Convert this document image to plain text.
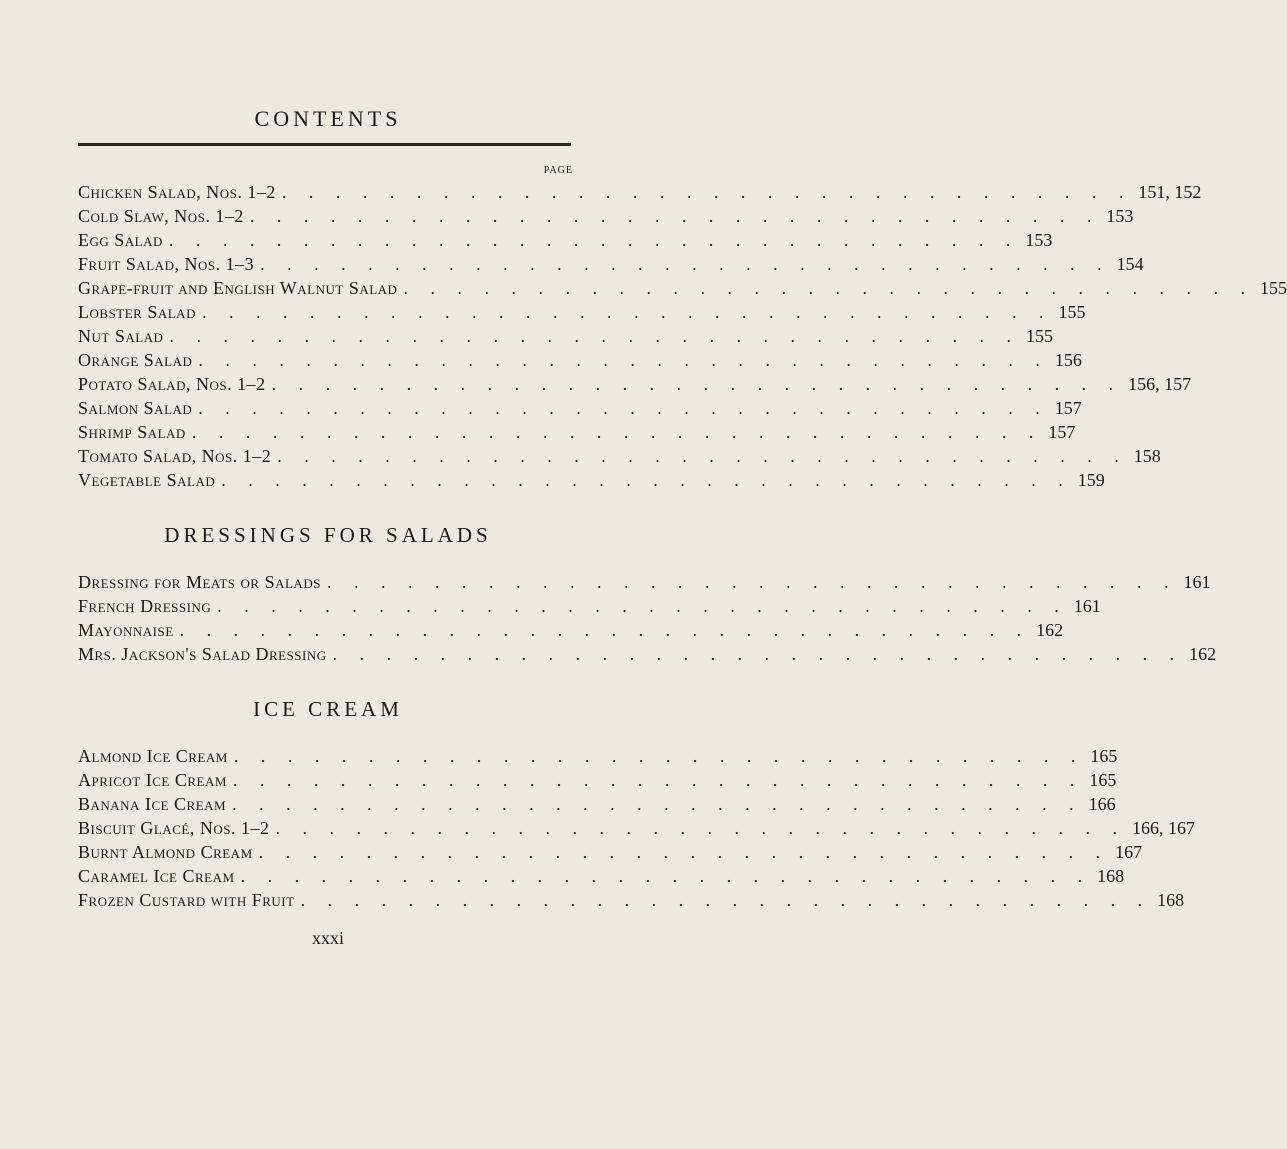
CONTENTS
PAGE
Chicken Salad, Nos. 1–2 . . . . . . . . . . . . . . . . . . . . . . . . . . . . . . . . 151, 152
Cold Slaw, Nos. 1–2 . . . . . . . . . . . . . . . . . . . . . . . . . . . . . . . . 153
Egg Salad . . . . . . . . . . . . . . . . . . . . . . . . . . . . . . . . 153
Fruit Salad, Nos. 1–3 . . . . . . . . . . . . . . . . . . . . . . . . . . . . . . . . 154
Grape-fruit and English Walnut Salad . . . . . . . . . . . . . . . . . . . . . . . . . . . . . . . . 155
Lobster Salad . . . . . . . . . . . . . . . . . . . . . . . . . . . . . . . . 155
Nut Salad . . . . . . . . . . . . . . . . . . . . . . . . . . . . . . . . 155
Orange Salad . . . . . . . . . . . . . . . . . . . . . . . . . . . . . . . . 156
Potato Salad, Nos. 1–2 . . . . . . . . . . . . . . . . . . . . . . . . . . . . . . . . 156, 157
Salmon Salad . . . . . . . . . . . . . . . . . . . . . . . . . . . . . . . . 157
Shrimp Salad . . . . . . . . . . . . . . . . . . . . . . . . . . . . . . . . 157
Tomato Salad, Nos. 1–2 . . . . . . . . . . . . . . . . . . . . . . . . . . . . . . . . 158
Vegetable Salad . . . . . . . . . . . . . . . . . . . . . . . . . . . . . . . . 159
DRESSINGS FOR SALADS
Dressing for Meats or Salads . . . . . . . . . . . . . . . . . . . . . . . . . . . . . . . . 161
French Dressing . . . . . . . . . . . . . . . . . . . . . . . . . . . . . . . . 161
Mayonnaise . . . . . . . . . . . . . . . . . . . . . . . . . . . . . . . . 162
Mrs. Jackson's Salad Dressing . . . . . . . . . . . . . . . . . . . . . . . . . . . . . . . . 162
ICE CREAM
Almond Ice Cream . . . . . . . . . . . . . . . . . . . . . . . . . . . . . . . . 165
Apricot Ice Cream . . . . . . . . . . . . . . . . . . . . . . . . . . . . . . . . 165
Banana Ice Cream . . . . . . . . . . . . . . . . . . . . . . . . . . . . . . . . 166
Biscuit Glacé, Nos. 1–2 . . . . . . . . . . . . . . . . . . . . . . . . . . . . . . . . 166, 167
Burnt Almond Cream . . . . . . . . . . . . . . . . . . . . . . . . . . . . . . . . 167
Caramel Ice Cream . . . . . . . . . . . . . . . . . . . . . . . . . . . . . . . . 168
Frozen Custard with Fruit . . . . . . . . . . . . . . . . . . . . . . . . . . . . . . . . 168
xxxi
